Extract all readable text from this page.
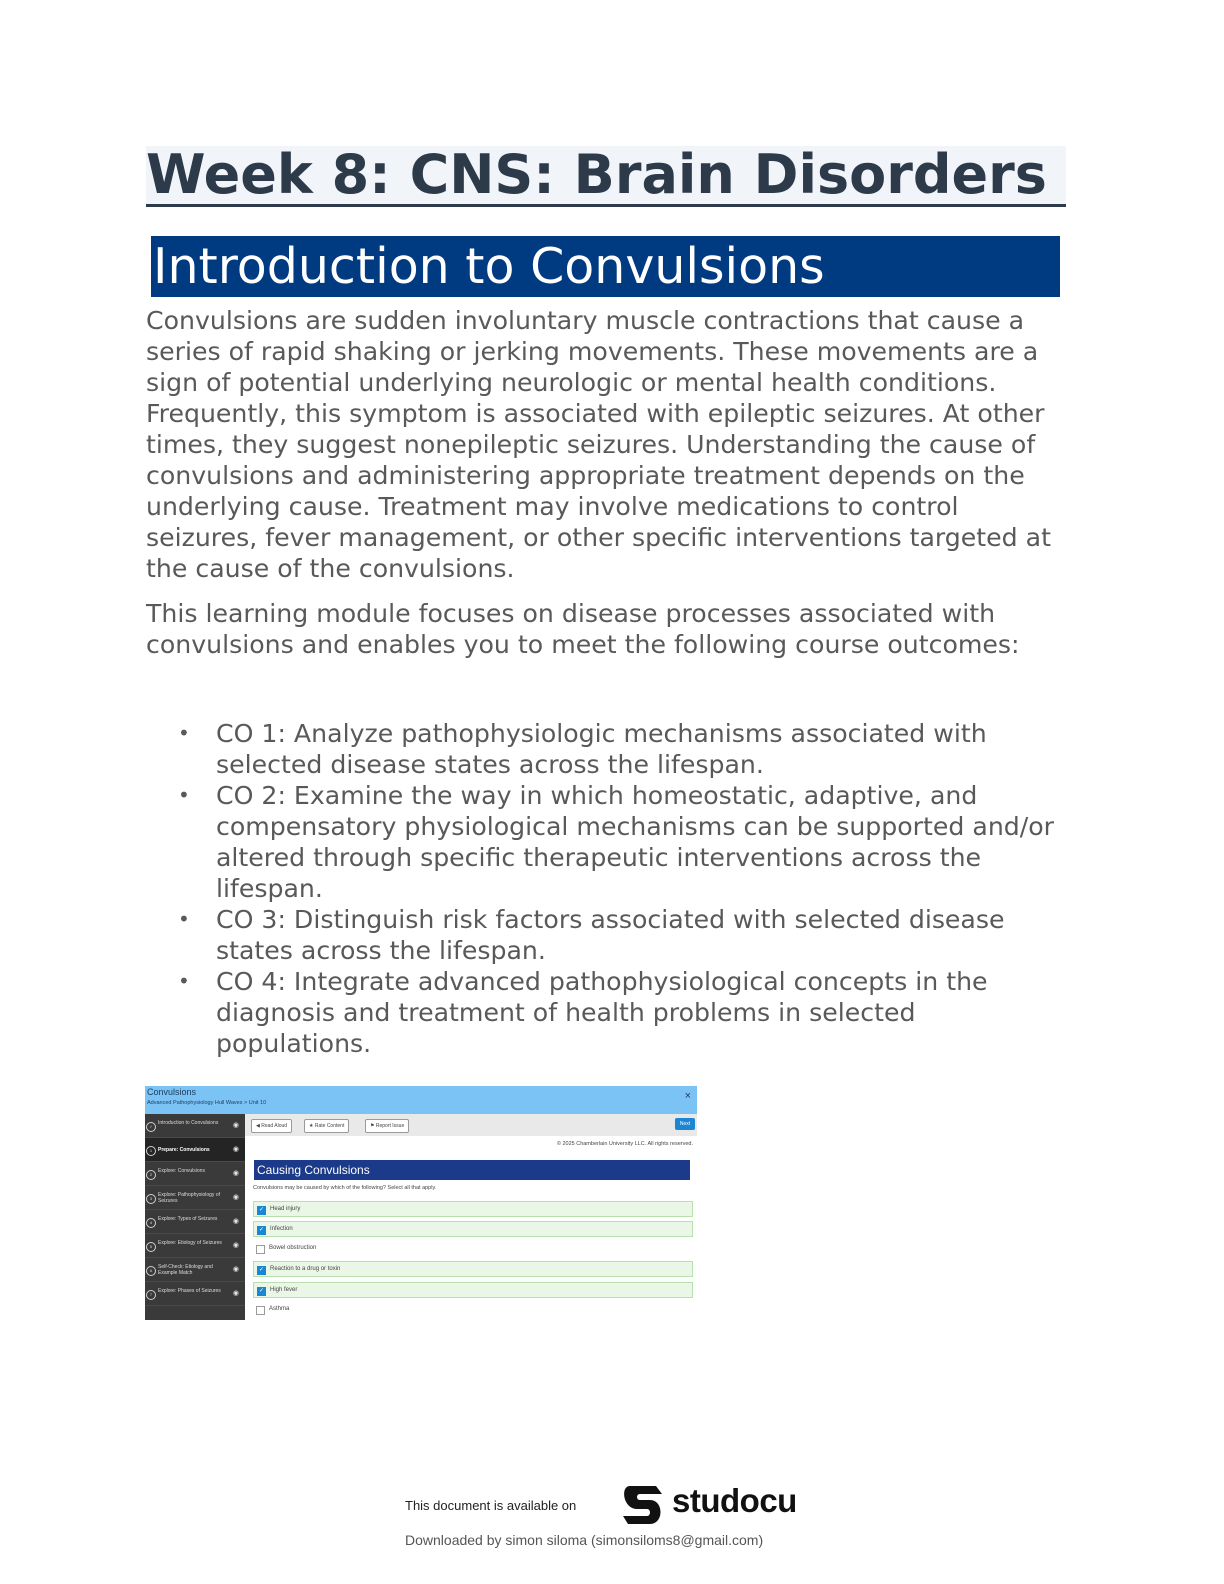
Week 8: CNS: Brain Disorders
Introduction to Convulsions

Convulsions are sudden involuntary muscle contractions that cause a series of rapid shaking or jerking movements. These movements are a sign of potential underlying neurologic or mental health conditions. Frequently, this symptom is associated with epileptic seizures. At other times, they suggest nonepileptic seizures. Understanding the cause of convulsions and administering appropriate treatment depends on the underlying cause. Treatment may involve medications to control seizures, fever management, or other specific interventions targeted at the cause of the convulsions.

This learning module focuses on disease processes associated with convulsions and enables you to meet the following course outcomes:

• CO 1: Analyze pathophysiologic mechanisms associated with selected disease states across the lifespan.
• CO 2: Examine the way in which homeostatic, adaptive, and compensatory physiological mechanisms can be supported and/or altered through specific therapeutic interventions across the lifespan.
• CO 3: Distinguish risk factors associated with selected disease states across the lifespan.
• CO 4: Integrate advanced pathophysiological concepts in the diagnosis and treatment of health problems in selected populations.
Convulsions
Advanced Pathophysiology Hull Waves > Unit 10
×
✓
Introduction to Convulsions	◉
1	Prepare: Convulsions	◉
2
Explore: Convulsions	◉
3
Explore: Pathophysiology of Seizures	◉
4
Explore: Types of Seizures	◉
5
Explore: Etiology of Seizures	◉
6
Self-Check: Etiology and Example Match	◉
7
Explore: Phases of Seizures	◉
◀ Read Aloud	★ Rate Content	⚑ Report Issue	Next
© 2025 Chamberlain University LLC. All rights reserved.
Causing Convulsions
Convulsions may be caused by which of the following? Select all that apply.
✓ Head injury
✓ Infection
Bowel obstruction
✓ Reaction to a drug or toxin
✓ High fever
Asthma
This document is available on	studocu
Downloaded by simon siloma (simonsiloms8@gmail.com)
